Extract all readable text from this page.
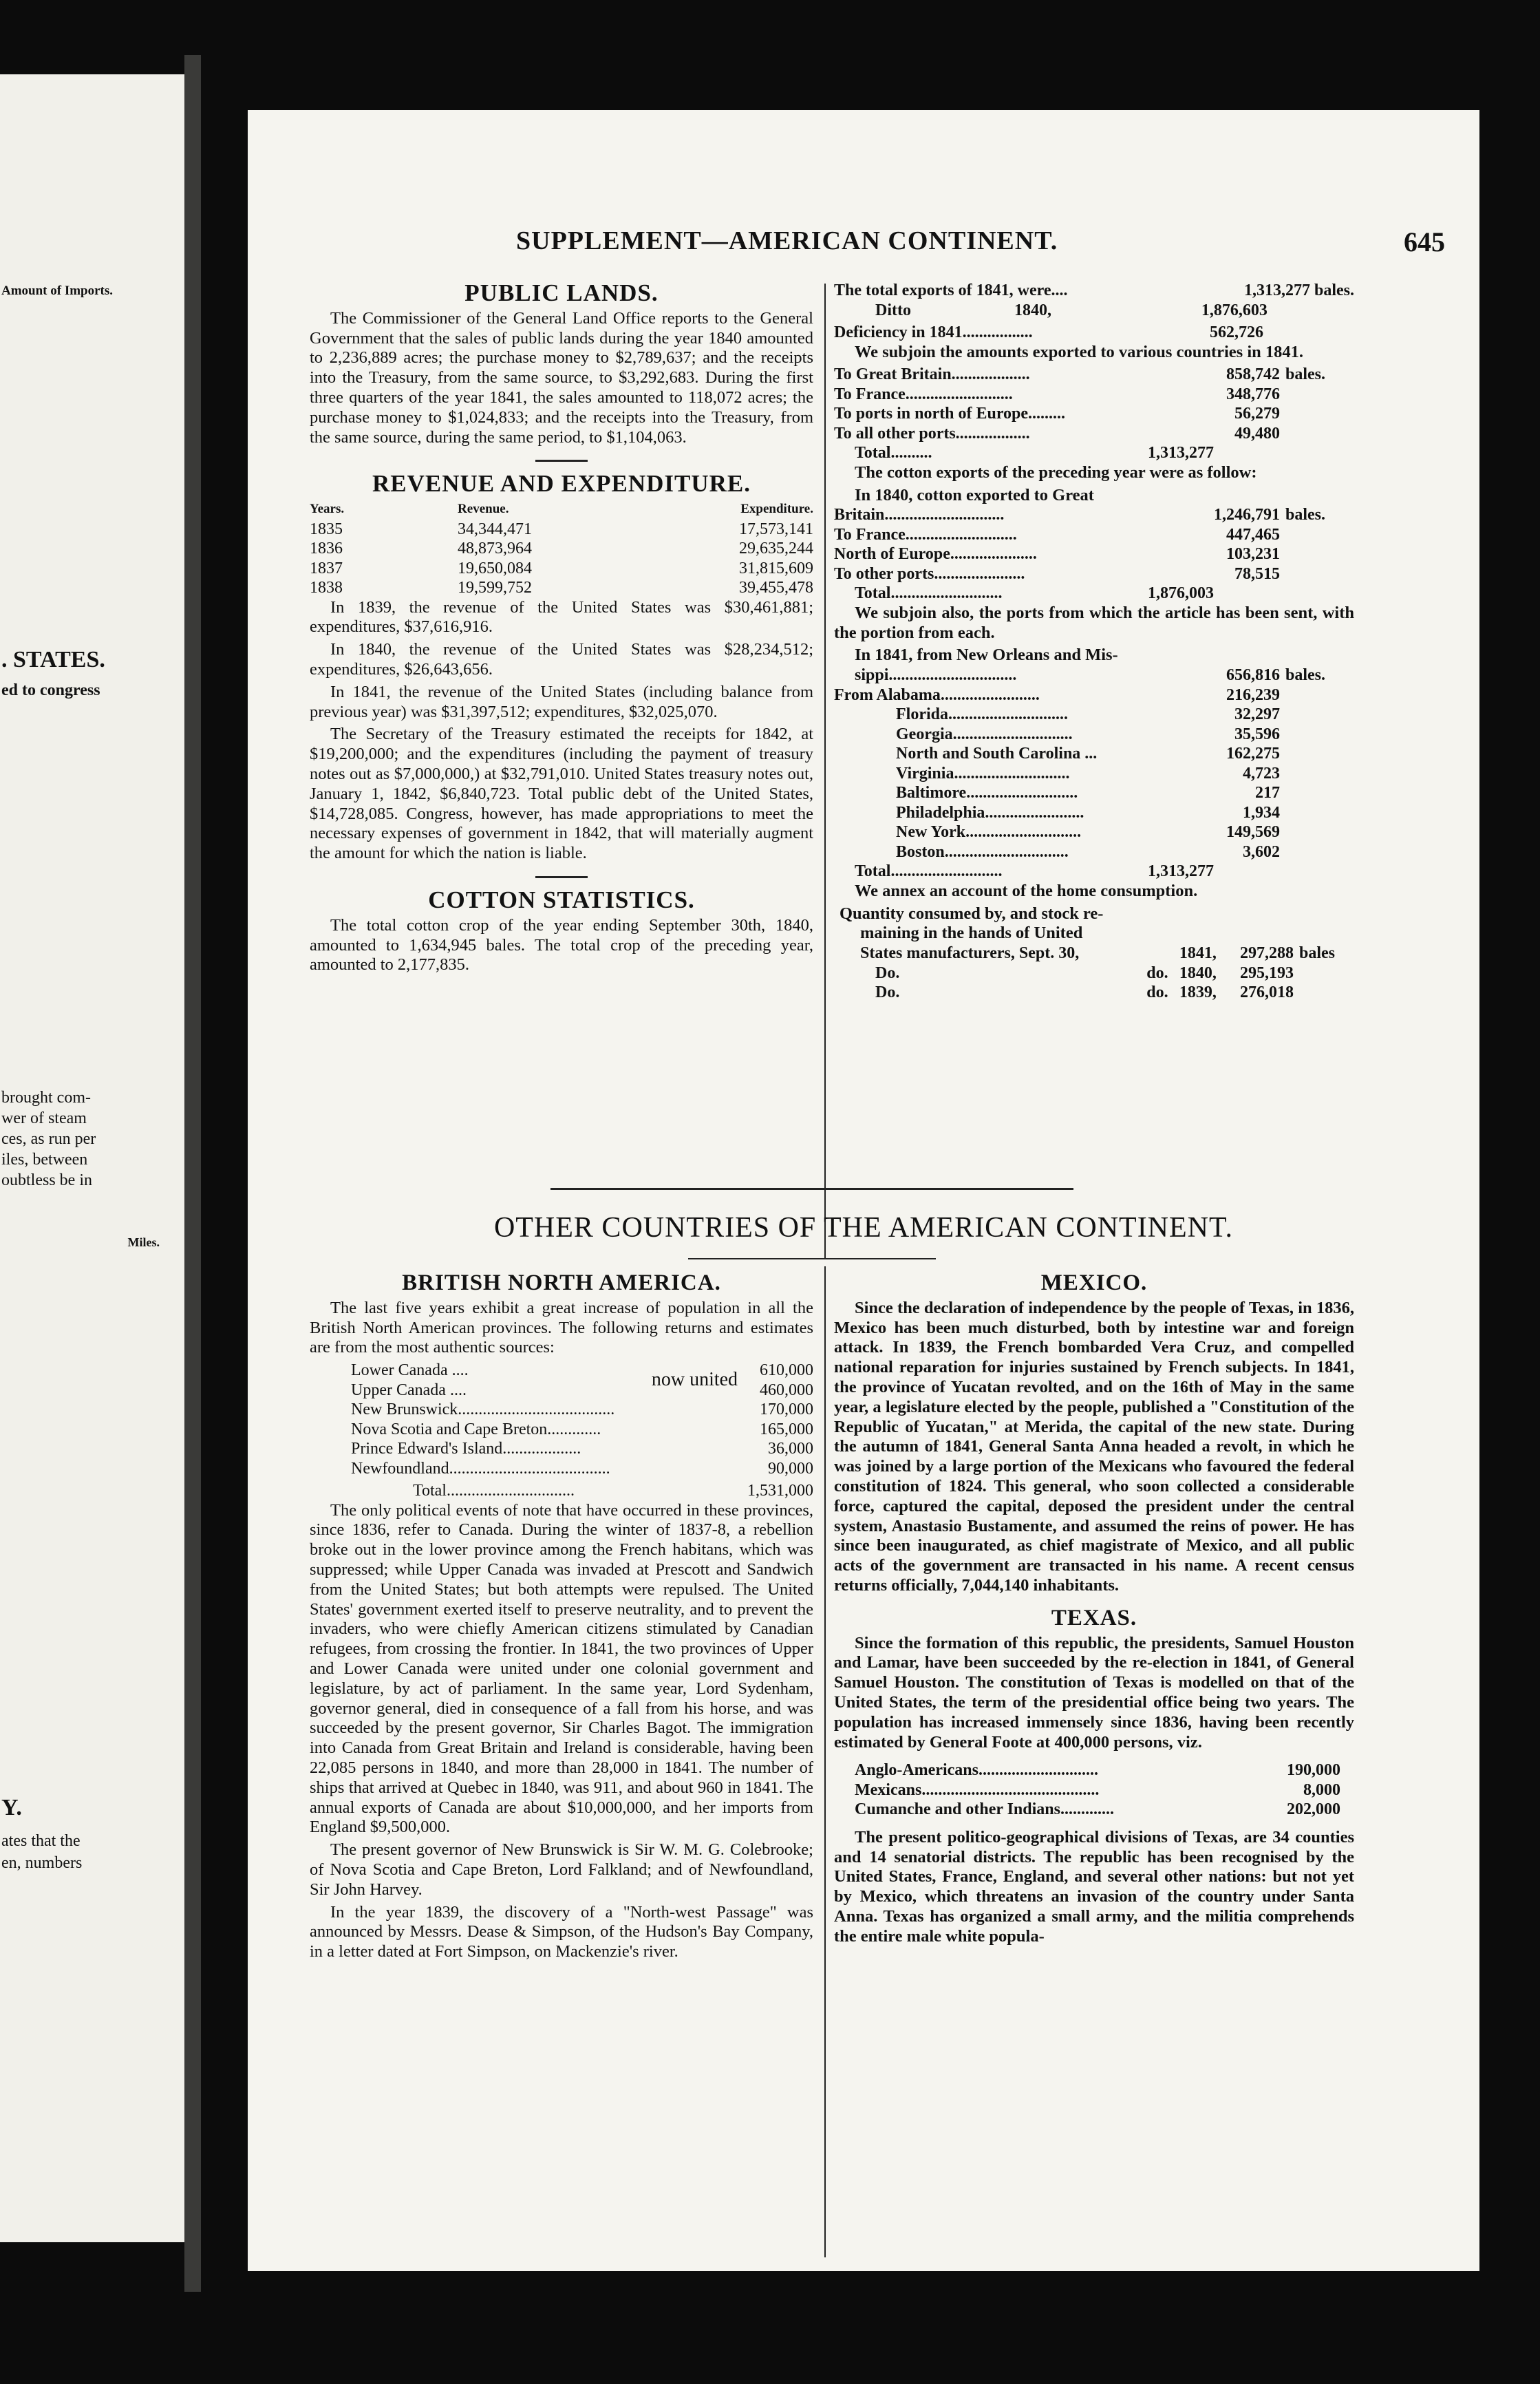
Amount of Imports.
. STATES.
ed to congress
brought com-
wer of steam
ces, as run per
iles, between
oubtless be in
Miles.
Y.
ates that the
en, numbers
SUPPLEMENT—AMERICAN CONTINENT.	645
PUBLIC LANDS.

The Commissioner of the General Land Office reports to the General Government that the sales of public lands during the year 1840 amounted to 2,236,889 acres; the purchase money to $2,789,637; and the receipts into the Treasury, from the same source, to $3,292,683. During the first three quarters of the year 1841, the sales amounted to 118,072 acres; the purchase money to $1,024,833; and the receipts into the Treasury, from the same source, during the same period, to $1,104,063.

REVENUE AND EXPENDITURE.
Years.	Revenue.	Expenditure.
1835	34,344,471	17,573,141
1836	48,873,964	29,635,244
1837	19,650,084	31,815,609
1838	19,599,752	39,455,478

In 1839, the revenue of the United States was $30,461,881; expenditures, $37,616,916.

In 1840, the revenue of the United States was $28,234,512; expenditures, $26,643,656.

In 1841, the revenue of the United States (including balance from previous year) was $31,397,512; expenditures, $32,025,070.

The Secretary of the Treasury estimated the receipts for 1842, at $19,200,000; and the expenditures (including the payment of treasury notes out as $7,000,000,) at $32,791,010. United States treasury notes out, January 1, 1842, $6,840,723. Total public debt of the United States, $14,728,085. Congress, however, has made appropriations to meet the necessary expenses of government in 1842, that will materially augment the amount for which the nation is liable.

COTTON STATISTICS.

The total cotton crop of the year ending September 30th, 1840, amounted to 1,634,945 bales. The total crop of the preceding year, amounted to 2,177,835.

The total exports of 1841, were....	1,313,277 bales.
Ditto 1840,	1,876,603
Deficiency in 1841.................	562,726

We subjoin the amounts exported to various countries in 1841.

To Great Britain...................	858,742	bales.
To France..........................	348,776	
To ports in north of Europe.........	56,279	
To all other ports..................	49,480	
Total..........	1,313,277

The cotton exports of the preceding year were as follow:

In 1840, cotton exported to Great
Britain.............................	1,246,791	bales.
To France...........................	447,465	
North of Europe.....................	103,231	
To other ports......................	78,515	
Total...........................	1,876,003

We subjoin also, the ports from which the article has been sent, with the portion from each.

In 1841, from New Orleans and Mis-
sippi...............................	656,816	bales.
From Alabama........................	216,239	
Florida.............................	32,297	
Georgia.............................	35,596	
North and South Carolina ...	162,275	
Virginia............................	4,723	
Baltimore...........................	217	
Philadelphia........................	1,934	
New York............................	149,569	
Boston..............................	3,602	
Total...........................	1,313,277

We annex an account of the home consumption.

Quantity consumed by, and stock re-
maining in the hands of United
States manufacturers, Sept. 30,		1841,	297,288	bales
Do.	do.	1840,	295,193	
Do.	do.	1839,	276,018	
OTHER COUNTRIES OF THE AMERICAN CONTINENT.
BRITISH NORTH AMERICA.

The last five years exhibit a great increase of population in all the British North American provinces. The following returns and estimates are from the most authentic sources:

Lower Canada ....	now united	610,000
Upper Canada ....		460,000
New Brunswick......................................		170,000
Nova Scotia and Cape Breton.............		165,000
Prince Edward's Island...................		36,000
Newfoundland.......................................		90,000
Total...............................	1,531,000

The only political events of note that have occurred in these provinces, since 1836, refer to Canada. During the winter of 1837-8, a rebellion broke out in the lower province among the French habitans, which was suppressed; while Upper Canada was invaded at Prescott and Sandwich from the United States; but both attempts were repulsed. The United States' government exerted itself to preserve neutrality, and to prevent the invaders, who were chiefly American citizens stimulated by Canadian refugees, from crossing the frontier. In 1841, the two provinces of Upper and Lower Canada were united under one colonial government and legislature, by act of parliament. In the same year, Lord Sydenham, governor general, died in consequence of a fall from his horse, and was succeeded by the present governor, Sir Charles Bagot. The immigration into Canada from Great Britain and Ireland is considerable, having been 22,085 persons in 1840, and more than 28,000 in 1841. The number of ships that arrived at Quebec in 1840, was 911, and about 960 in 1841. The annual exports of Canada are about $10,000,000, and her imports from England $9,500,000.

The present governor of New Brunswick is Sir W. M. G. Colebrooke; of Nova Scotia and Cape Breton, Lord Falkland; and of Newfoundland, Sir John Harvey.

In the year 1839, the discovery of a "North-west Passage" was announced by Messrs. Dease & Simpson, of the Hudson's Bay Company, in a letter dated at Fort Simpson, on Mackenzie's river.

MEXICO.

Since the declaration of independence by the people of Texas, in 1836, Mexico has been much disturbed, both by intestine war and foreign attack. In 1839, the French bombarded Vera Cruz, and compelled national reparation for injuries sustained by French subjects. In 1841, the province of Yucatan revolted, and on the 16th of May in the same year, a legislature elected by the people, published a "Constitution of the Republic of Yucatan," at Merida, the capital of the new state. During the autumn of 1841, General Santa Anna headed a revolt, in which he was joined by a large portion of the Mexicans who favoured the federal constitution of 1824. This general, who soon collected a considerable force, captured the capital, deposed the president under the central system, Anastasio Bustamente, and assumed the reins of power. He has since been inaugurated, as chief magistrate of Mexico, and all public acts of the government are transacted in his name. A recent census returns officially, 7,044,140 inhabitants.

TEXAS.

Since the formation of this republic, the presidents, Samuel Houston and Lamar, have been succeeded by the re-election in 1841, of General Samuel Houston. The constitution of Texas is modelled on that of the United States, the term of the presidential office being two years. The population has increased immensely since 1836, having been recently estimated by General Foote at 400,000 persons, viz.

Anglo-Americans.............................	190,000
Mexicans...........................................	8,000
Cumanche and other Indians.............	202,000

The present politico-geographical divisions of Texas, are 34 counties and 14 senatorial districts. The republic has been recognised by the United States, France, England, and several other nations: but not yet by Mexico, which threatens an invasion of the country under Santa Anna. Texas has organized a small army, and the militia comprehends the entire male white popula-
